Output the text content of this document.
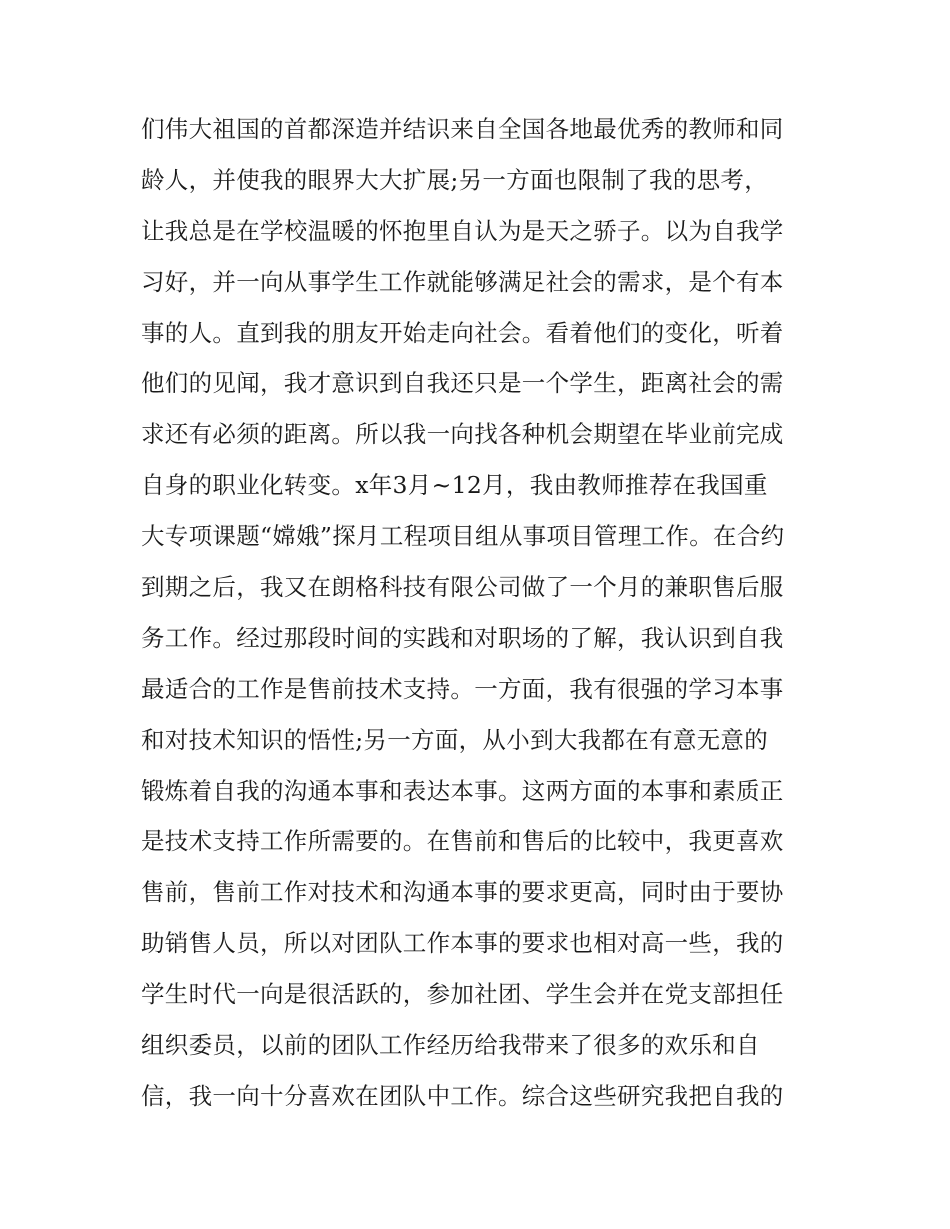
们伟大祖国的首都深造并结识来自全国各地最优秀的教师和同
龄人，并使我的眼界大大扩展;另一方面也限制了我的思考，
让我总是在学校温暖的怀抱里自认为是天之骄子。以为自我学
习好，并一向从事学生工作就能够满足社会的需求，是个有本
事的人。直到我的朋友开始走向社会。看着他们的变化，听着
他们的见闻，我才意识到自我还只是一个学生，距离社会的需
求还有必须的距离。所以我一向找各种机会期望在毕业前完成
自身的职业化转变。x年3月~12月，我由教师推荐在我国重
大专项课题“嫦娥”探月工程项目组从事项目管理工作。在合约
到期之后，我又在朗格科技有限公司做了一个月的兼职售后服
务工作。经过那段时间的实践和对职场的了解，我认识到自我
最适合的工作是售前技术支持。一方面，我有很强的学习本事
和对技术知识的悟性;另一方面，从小到大我都在有意无意的
锻炼着自我的沟通本事和表达本事。这两方面的本事和素质正
是技术支持工作所需要的。在售前和售后的比较中，我更喜欢
售前，售前工作对技术和沟通本事的要求更高，同时由于要协
助销售人员，所以对团队工作本事的要求也相对高一些，我的
学生时代一向是很活跃的，参加社团、学生会并在党支部担任
组织委员，以前的团队工作经历给我带来了很多的欢乐和自
信，我一向十分喜欢在团队中工作。综合这些研究我把自我的
